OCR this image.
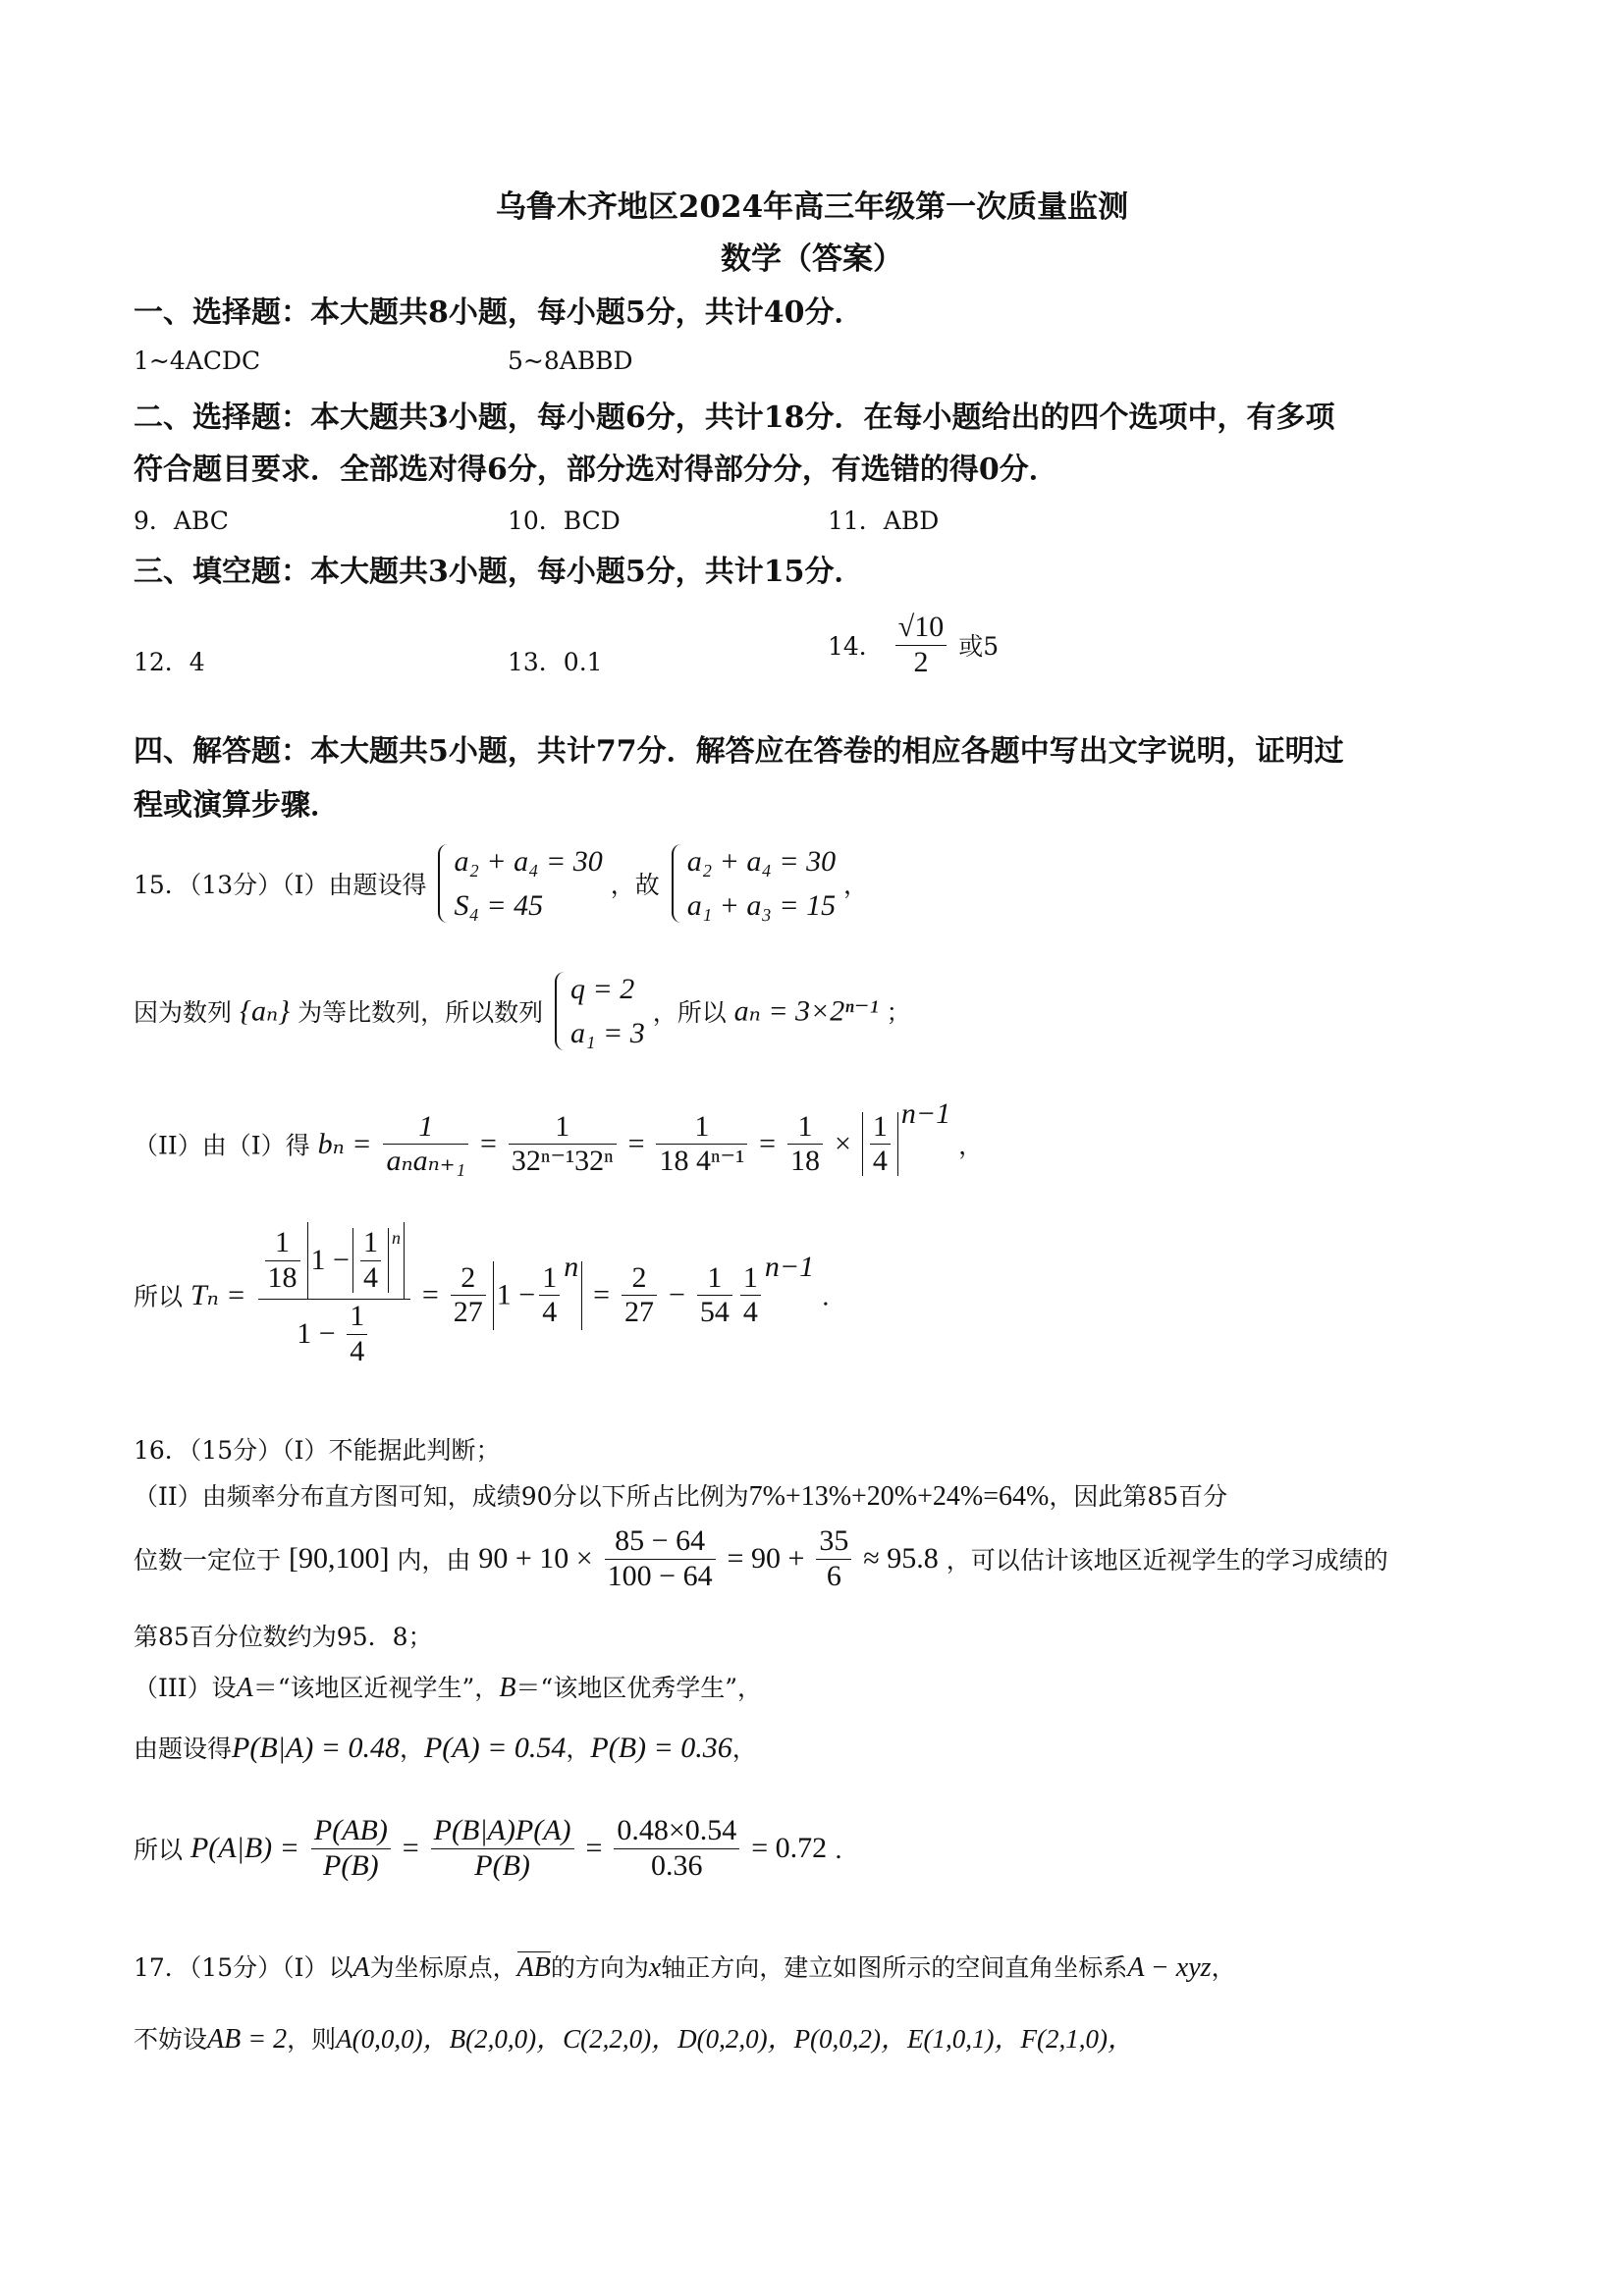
乌鲁木齐地区2024年高三年级第一次质量监测
数学（答案）
一、选择题：本大题共8小题，每小题5分，共计40分．
1~4ACDC	5~8ABBD
二、选择题：本大题共3小题，每小题6分，共计18分．在每小题给出的四个选项中，有多项
符合题目要求．全部选对得6分，部分选对得部分分，有选错的得0分．
9．ABC	10．BCD	11．ABD
三、填空题：本大题共3小题，每小题5分，共计15分．
12．4	13．0.1
14． $\frac{√10}{2}$ 或5
四、解答题：本大题共5小题，共计77分．解答应在答卷的相应各题中写出文字说明，证明过
程或演算步骤．
15．（13分）（I）由题设得
a₂ + a₄ = 30
S₄ = 45
，故
a₂ + a₄ = 30
a₁ + a₃ = 15
，
因为数列 {aₙ} 为等比数列，所以数列
q = 2
a₁ = 3
，所以 aₙ = 3×2ⁿ⁻¹ ；
（II）由（I）得 $b_n = \frac{1}{\text{aₙaₙ₊₁}} = \frac{1}{\text{32ⁿ⁻¹32ⁿ}} = \frac{1}{\text{18 4ⁿ⁻¹}} = \frac{1}{18} \times \frac{1}{4} ^{n-1}$ ，
所以 $T_n = \frac{\frac{1}{18} 1 - \frac{1}{4} ^n}{1 - \frac{1}{4}} = \frac{2}{27} 1 - \frac{1}{4} ^n = \frac{2}{27} - \frac{1}{54} \frac{1}{4} ^{n-1}$ ．
16．（15分）（I）不能据此判断；
（II）由频率分布直方图可知，成绩90分以下所占比例为7%+13%+20%+24%=64%，因此第85百分
位数一定位于 [90,100] 内，由 $90 + 10 \times \frac{85 - 64}{100 - 64} = 90 + \frac{35}{6} \approx 95.8$ ，可以估计该地区近视学生的学习成绩的
第85百分位数约为95．8；
（III）设A＝“该地区近视学生”，B＝“该地区优秀学生”，
由题设得P(B|A) = 0.48，P(A) = 0.54，P(B) = 0.36，
所以 $P(A|B) = \frac{P(AB)}{P(B)} = \frac{P(B|A)P(A)}{P(B)} = \frac{0.48\times 0.54}{0.36} = 0.72$ ．
17．（15分）（I）以A为坐标原点，AB的方向为x轴正方向，建立如图所示的空间直角坐标系A − xyz，
不妨设AB = 2，则A(0,0,0)，B(2,0,0)，C(2,2,0)，D(0,2,0)，P(0,0,2)，E(1,0,1)，F(2,1,0)，
